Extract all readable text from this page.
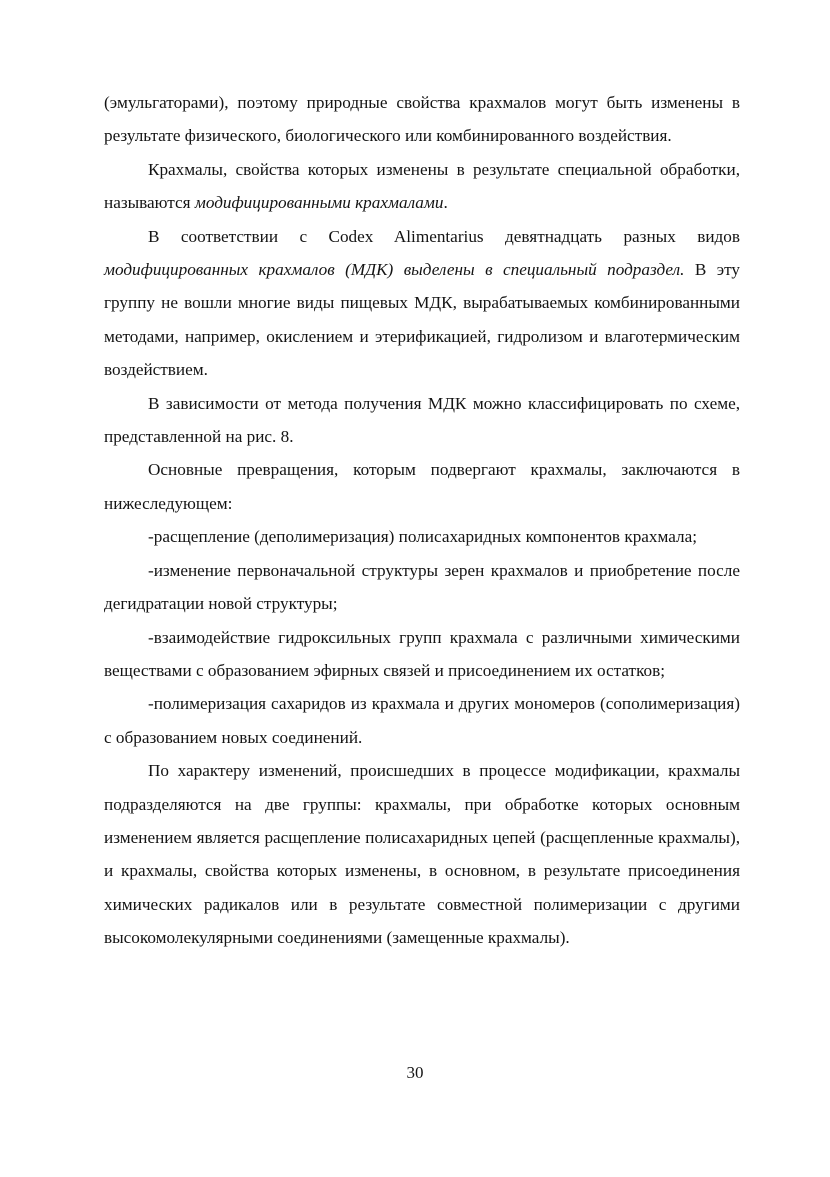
(эмульгаторами), поэтому природные свойства крахмалов могут быть изменены в результате физического, биологического или комбинированного воздействия.

Крахмалы, свойства которых изменены в результате специальной обработки, называются модифицированными крахмалами.

В соответствии с Codex Alimentarius девятнадцать разных видов модифицированных крахмалов (МДК) выделены в специальный подраздел. В эту группу не вошли многие виды пищевых МДК, вырабатываемых комбинированными методами, например, окислением и этерификацией, гидролизом и влаготермическим воздействием.

В зависимости от метода получения МДК можно классифицировать по схеме, представленной на рис. 8.

Основные превращения, которым подвергают крахмалы, заключаются в нижеследующем:

-расщепление (деполимеризация) полисахаридных компонентов крахмала;

-изменение первоначальной структуры зерен крахмалов и приобретение после дегидратации новой структуры;

-взаимодействие гидроксильных групп крахмала с различными химическими веществами с образованием эфирных связей и присоединением их остатков;

-полимеризация сахаридов из крахмала и других мономеров (сополимеризация) с образованием новых соединений.

По характеру изменений, происшедших в процессе модификации, крахмалы подразделяются на две группы: крахмалы, при обработке которых основным изменением является расщепление полисахаридных цепей (расщепленные крахмалы), и крахмалы, свойства которых изменены, в основном, в результате присоединения химических радикалов или в результате совместной полимеризации с другими высокомолекулярными соединениями (замещенные крахмалы).

30
